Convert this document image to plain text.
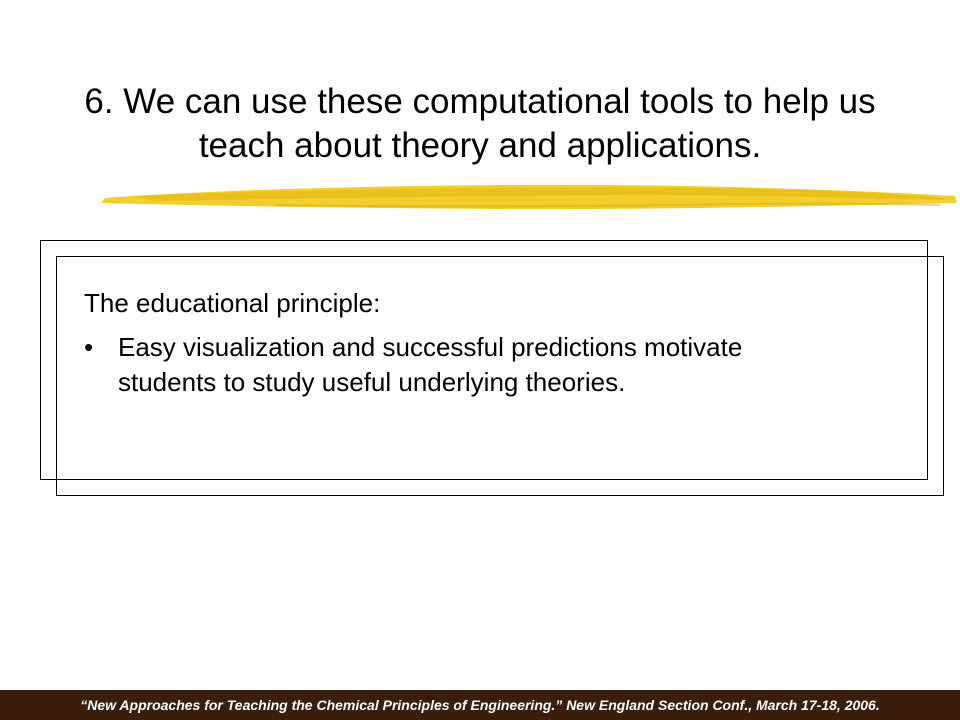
6. We can use these computational tools to help us
teach about theory and applications.

The educational principle:

• Easy visualization and successful predictions motivate
students to study useful underlying theories.
“New Approaches for Teaching the Chemical Principles of Engineering.” New England Section Conf., March 17-18, 2006.
